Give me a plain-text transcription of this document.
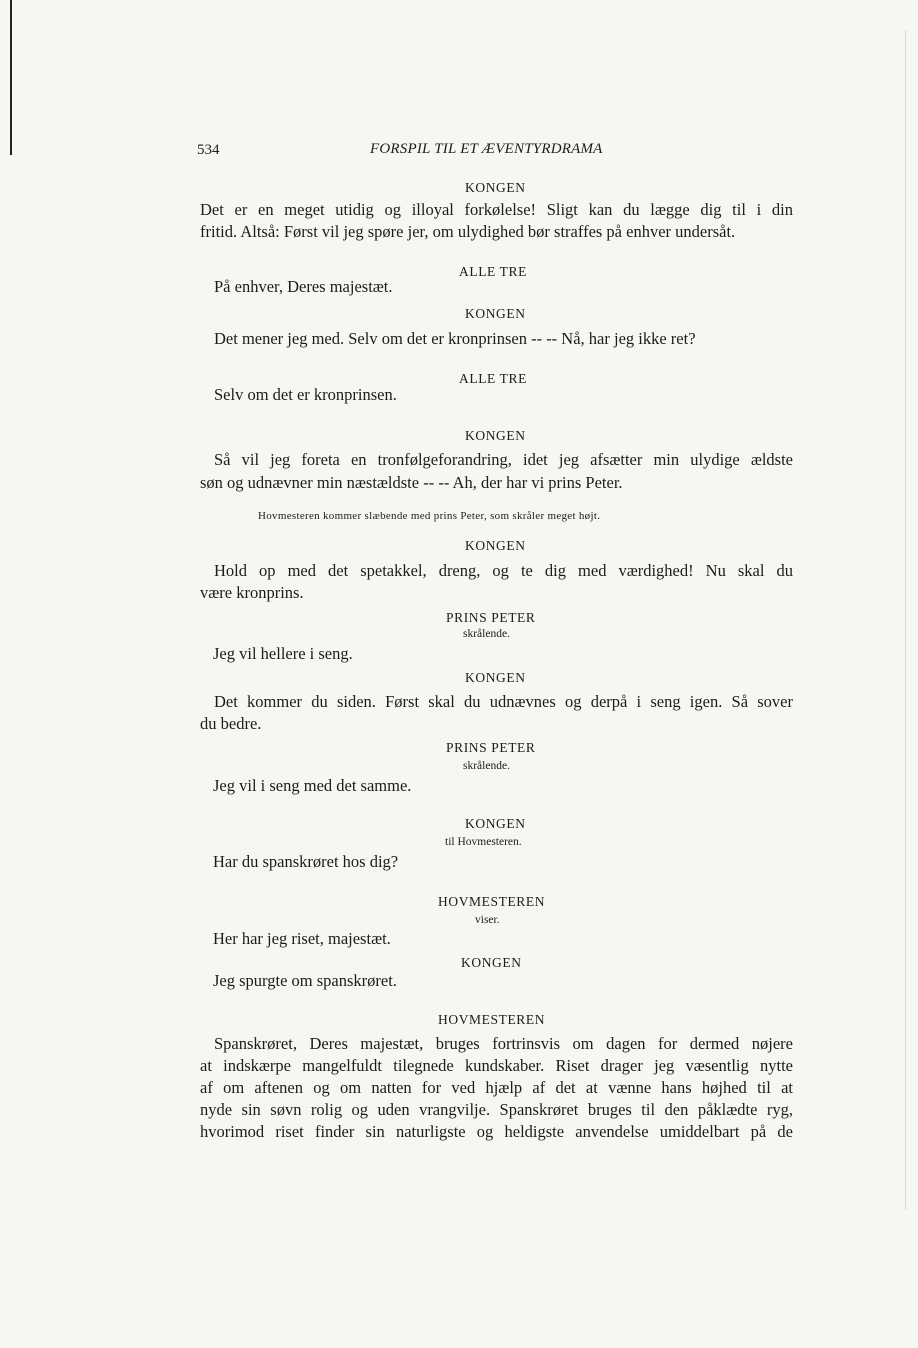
534	FORSPIL TIL ET ÆVENTYRDRAMA
KONGEN
Det er en meget utidig og illoyal forkølelse! Sligt kan du lægge dig til i din
fritid. Altså: Først vil jeg spøre jer, om ulydighed bør straffes på enhver undersåt.
ALLE TRE
På enhver, Deres majestæt.
KONGEN
Det mener jeg med. Selv om det er kronprinsen -- -- Nå, har jeg ikke ret?
ALLE TRE
Selv om det er kronprinsen.
KONGEN
Så vil jeg foreta en tronfølgeforandring, idet jeg afsætter min ulydige ældste
søn og udnævner min næstældste -- -- Ah, der har vi prins Peter.
Hovmesteren kommer slæbende med prins Peter, som skråler meget højt.
KONGEN
Hold op med det spetakkel, dreng, og te dig med værdighed! Nu skal du
være kronprins.
PRINS PETER
skrålende.
Jeg vil hellere i seng.
KONGEN
Det kommer du siden. Først skal du udnævnes og derpå i seng igen. Så sover
du bedre.
PRINS PETER
skrålende.
Jeg vil i seng med det samme.
KONGEN
til Hovmesteren.
Har du spanskrøret hos dig?
HOVMESTEREN
viser.
Her har jeg riset, majestæt.
KONGEN
Jeg spurgte om spanskrøret.
HOVMESTEREN
Spanskrøret, Deres majestæt, bruges fortrinsvis om dagen for dermed nøjere
at indskærpe mangelfuldt tilegnede kundskaber. Riset drager jeg væsentlig nytte
af om aftenen og om natten for ved hjælp af det at vænne hans højhed til at
nyde sin søvn rolig og uden vrangvilje. Spanskrøret bruges til den påklædte ryg,
hvorimod riset finder sin naturligste og heldigste anvendelse umiddelbart på de
